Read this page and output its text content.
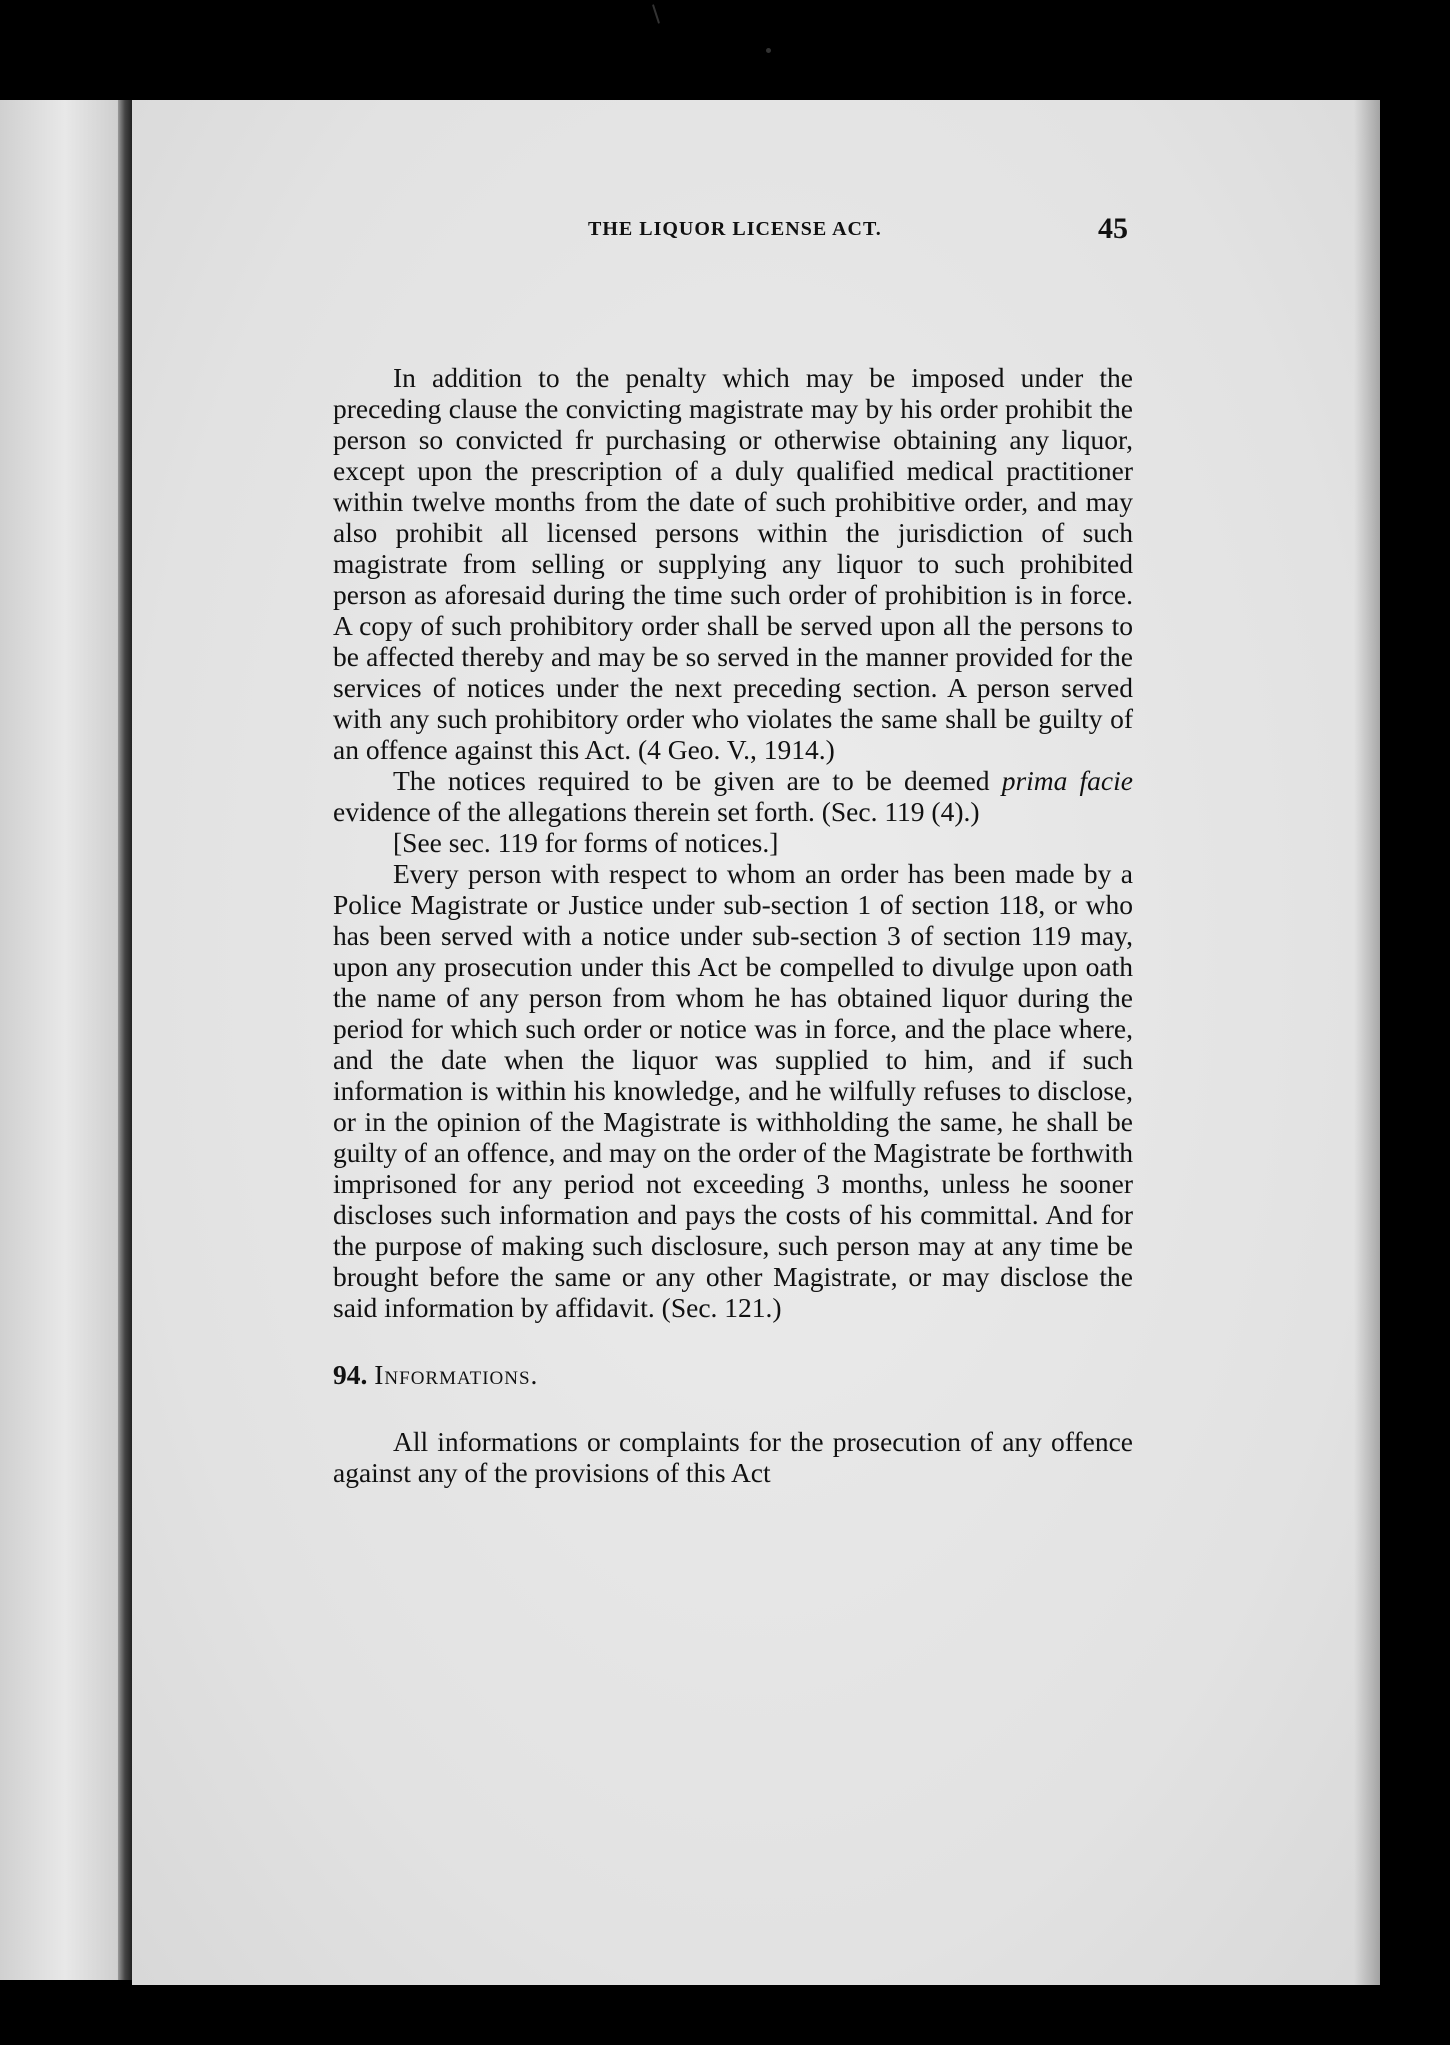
THE LIQUOR LICENSE ACT.	45

In addition to the penalty which may be imposed under the preceding clause the convicting magistrate may by his order prohibit the person so convicted fr purchasing or otherwise obtaining any liquor, except upon the prescription of a duly qualified medical practitioner within twelve months from the date of such prohibitive order, and may also prohibit all licensed persons within the jurisdiction of such magistrate from selling or supplying any liquor to such prohibited person as aforesaid during the time such order of prohibition is in force. A copy of such prohibitory order shall be served upon all the persons to be affected thereby and may be so served in the manner provided for the services of notices under the next preceding section. A person served with any such prohibitory order who violates the same shall be guilty of an offence against this Act. (4 Geo. V., 1914.)

The notices required to be given are to be deemed prima facie evidence of the allegations therein set forth. (Sec. 119 (4).)

[See sec. 119 for forms of notices.]

Every person with respect to whom an order has been made by a Police Magistrate or Justice under sub-section 1 of section 118, or who has been served with a notice under sub-section 3 of section 119 may, upon any prosecution under this Act be compelled to divulge upon oath the name of any person from whom he has obtained liquor during the period for which such order or notice was in force, and the place where, and the date when the liquor was supplied to him, and if such information is within his knowledge, and he wilfully refuses to disclose, or in the opinion of the Magistrate is withholding the same, he shall be guilty of an offence, and may on the order of the Magistrate be forthwith imprisoned for any period not exceeding 3 months, unless he sooner discloses such information and pays the costs of his committal. And for the purpose of making such disclosure, such person may at any time be brought before the same or any other Magistrate, or may disclose the said information by affidavit. (Sec. 121.)

94. Informations.

All informations or complaints for the prosecution of any offence against any of the provisions of this Act
